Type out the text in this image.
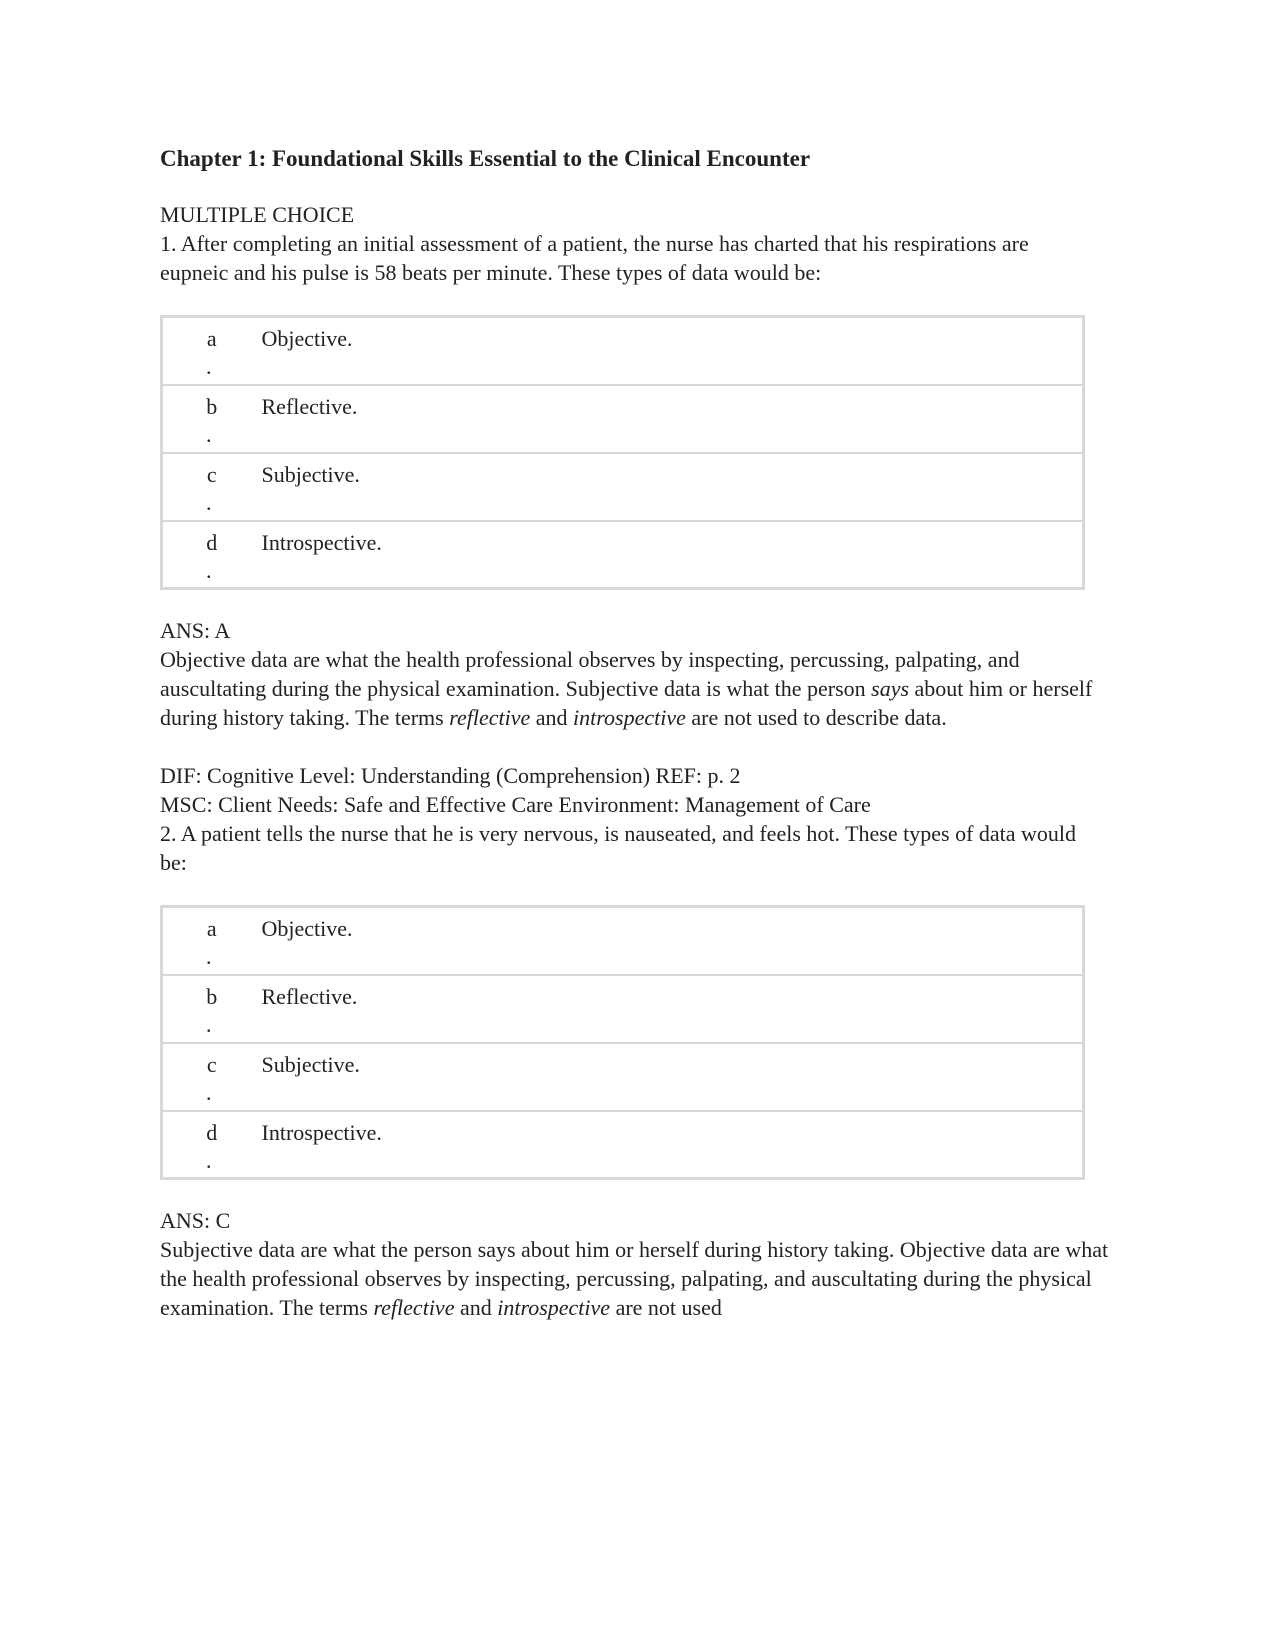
Chapter 1: Foundational Skills Essential to the Clinical Encounter
MULTIPLE CHOICE

1. After completing an initial assessment of a patient, the nurse has charted that his respirations are eupneic and his pulse is 58 beats per minute. These types of data would be:

a
.	Objective.

b
.	Reflective.

c
.	Subjective.

d
.	Introspective.
ANS: A

Objective data are what the health professional observes by inspecting, percussing, palpating, and auscultating during the physical examination. Subjective data is what the person says about him or herself during history taking. The terms reflective and introspective are not used to describe data.

DIF: Cognitive Level: Understanding (Comprehension) REF: p. 2
MSC: Client Needs: Safe and Effective Care Environment: Management of Care

2. A patient tells the nurse that he is very nervous, is nauseated, and feels hot. These types of data would be:

a
.	Objective.

b
.	Reflective.

c
.	Subjective.

d
.	Introspective.
ANS: C

Subjective data are what the person says about him or herself during history taking. Objective data are what the health professional observes by inspecting, percussing, palpating, and auscultating during the physical examination. The terms reflective and introspective are not used
